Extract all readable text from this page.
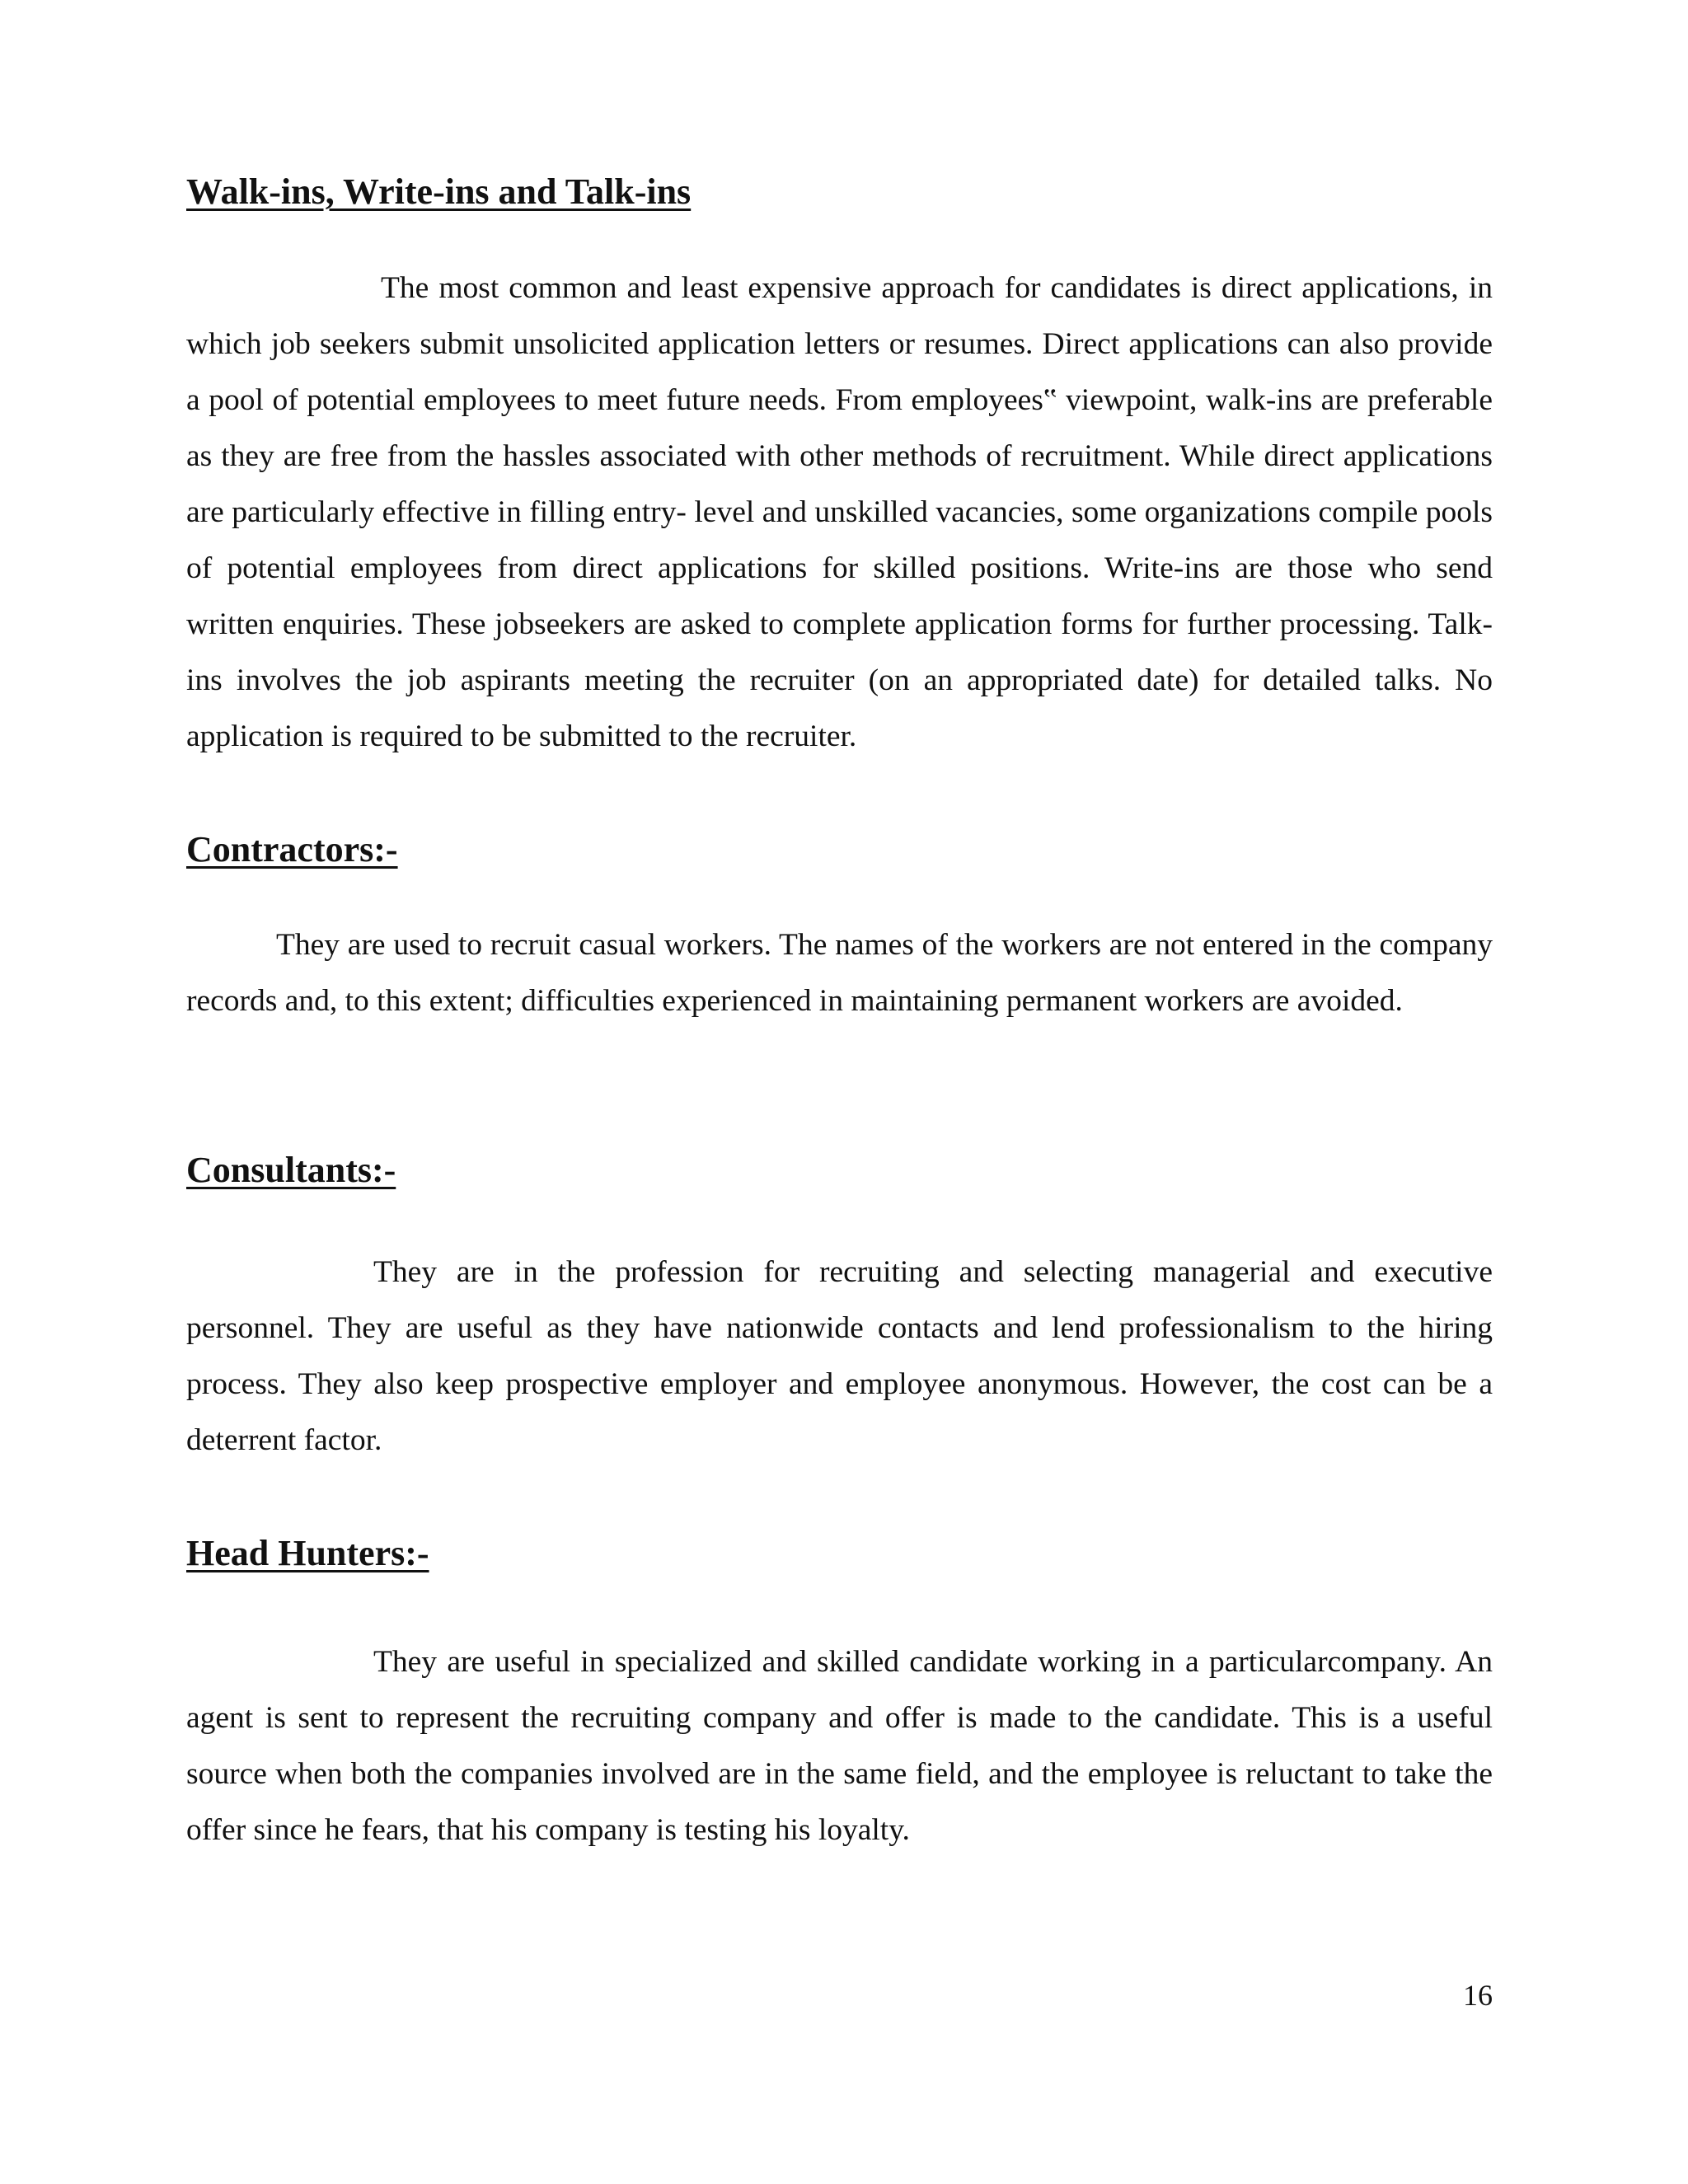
Walk-ins, Write-ins and Talk-ins

The most common and least expensive approach for candidates is direct applications, in which job seekers submit unsolicited application letters or resumes. Direct applications can also provide a pool of potential employees to meet future needs. From employees‟ viewpoint, walk-ins are preferable as they are free from the hassles associated with other methods of recruitment. While direct applications are particularly effective in filling entry- level and unskilled vacancies, some organizations compile pools of potential employees from direct applications for skilled positions. Write-ins are those who send written enquiries. These jobseekers are asked to complete application forms for further processing. Talk-ins involves the job aspirants meeting the recruiter (on an appropriated date) for detailed talks. No application is required to be submitted to the recruiter.

Contractors:-

They are used to recruit casual workers. The names of the workers are not entered in the company records and, to this extent; difficulties experienced in maintaining permanent workers are avoided.

Consultants:-

They are in the profession for recruiting and selecting managerial and executive personnel. They are useful as they have nationwide contacts and lend professionalism to the hiring process. They also keep prospective employer and employee anonymous. However, the cost can be a deterrent factor.

Head Hunters:-

They are useful in specialized and skilled candidate working in a particularcompany. An agent is sent to represent the recruiting company and offer is made to the candidate. This is a useful source when both the companies involved are in the same field, and the employee is reluctant to take the offer since he fears, that his company is testing his loyalty.

16
